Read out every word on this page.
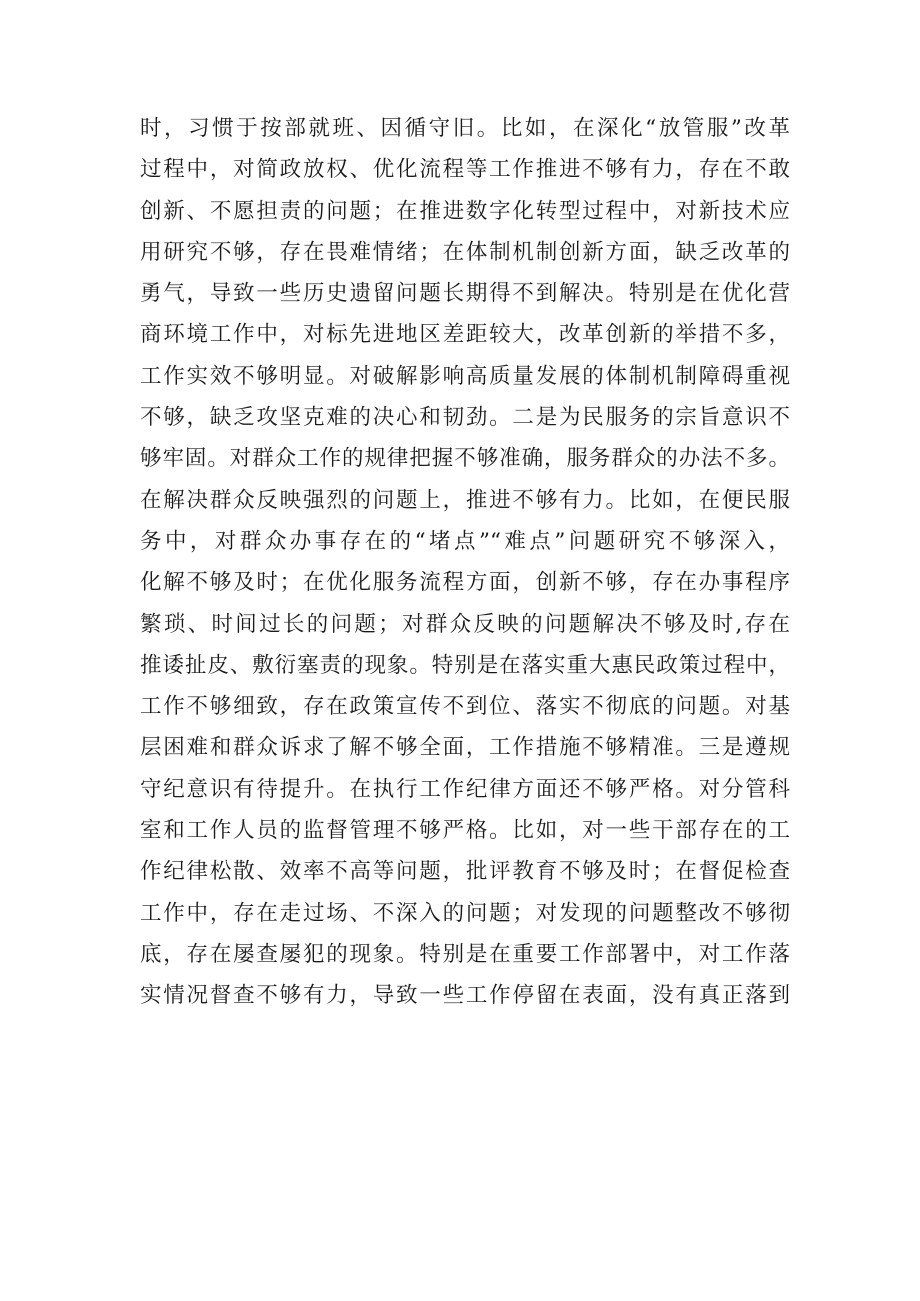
时，习惯于按部就班、因循守旧。比如，在深化“放管服”改革
过程中，对简政放权、优化流程等工作推进不够有力，存在不敢
创新、不愿担责的问题；在推进数字化转型过程中，对新技术应
用研究不够，存在畏难情绪；在体制机制创新方面，缺乏改革的
勇气，导致一些历史遗留问题长期得不到解决。特别是在优化营
商环境工作中，对标先进地区差距较大，改革创新的举措不多，
工作实效不够明显。对破解影响高质量发展的体制机制障碍重视
不够，缺乏攻坚克难的决心和韧劲。二是为民服务的宗旨意识不
够牢固。对群众工作的规律把握不够准确，服务群众的办法不多。
在解决群众反映强烈的问题上，推进不够有力。比如，在便民服
务中，对群众办事存在的“堵点”“难点”问题研究不够深入，
化解不够及时；在优化服务流程方面，创新不够，存在办事程序
繁琐、时间过长的问题；对群众反映的问题解决不够及时,存在
推诿扯皮、敷衍塞责的现象。特别是在落实重大惠民政策过程中，
工作不够细致，存在政策宣传不到位、落实不彻底的问题。对基
层困难和群众诉求了解不够全面，工作措施不够精准。三是遵规
守纪意识有待提升。在执行工作纪律方面还不够严格。对分管科
室和工作人员的监督管理不够严格。比如，对一些干部存在的工
作纪律松散、效率不高等问题，批评教育不够及时；在督促检查
工作中，存在走过场、不深入的问题；对发现的问题整改不够彻
底，存在屡查屡犯的现象。特别是在重要工作部署中，对工作落
实情况督查不够有力，导致一些工作停留在表面，没有真正落到
